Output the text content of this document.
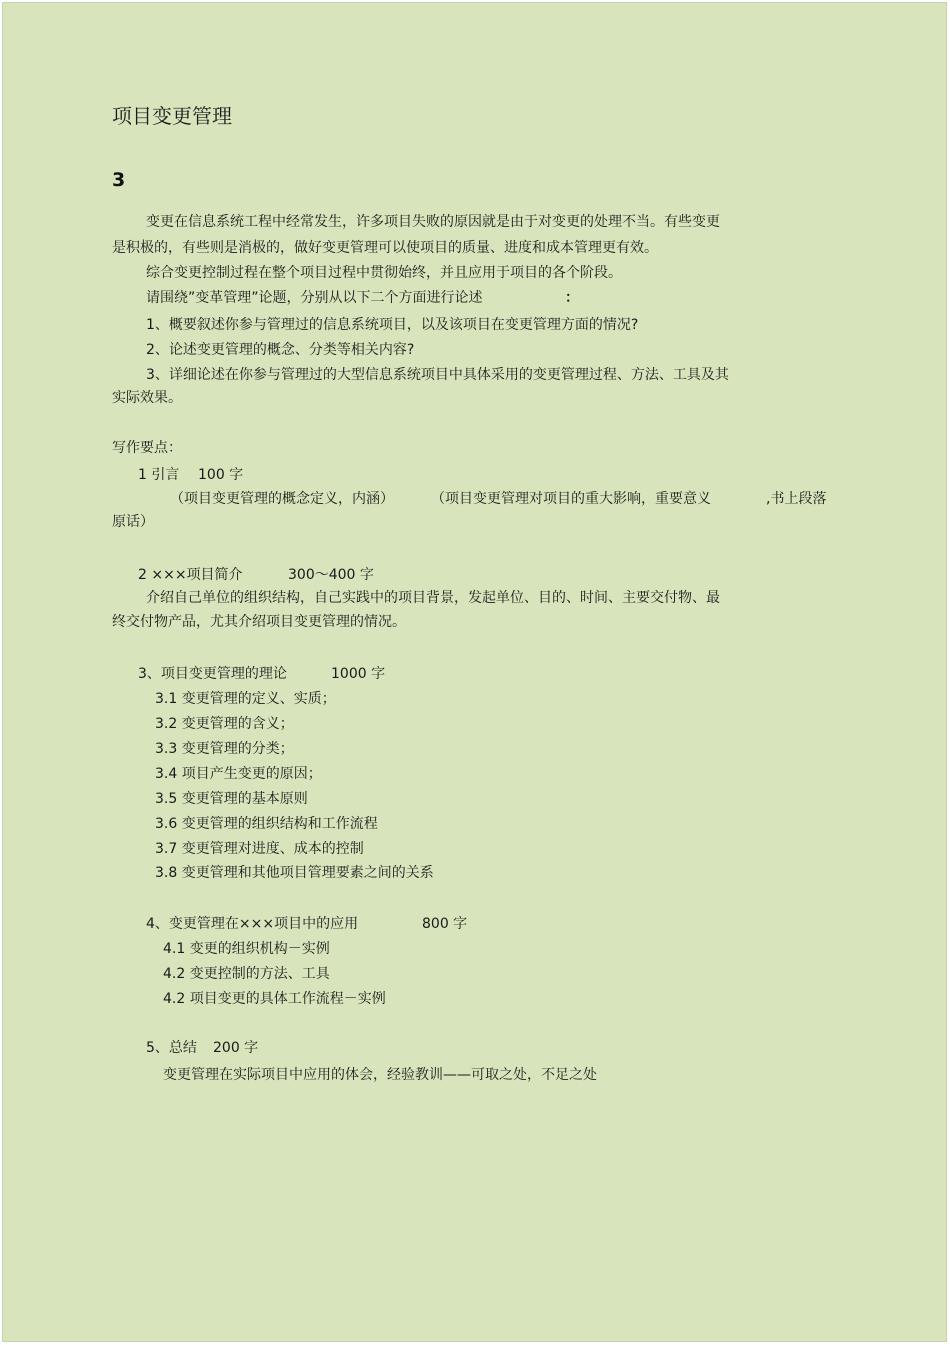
项目变更管理
3
变更在信息系统工程中经常发生，许多项目失败的原因就是由于对变更的处理不当。有些变更
是积极的，有些则是消极的，做好变更管理可以使项目的质量、进度和成本管理更有效。
综合变更控制过程在整个项目过程中贯彻始终，并且应用于项目的各个阶段。
请围绕”变革管理”论题，分别从以下二个方面进行论述	：
1、概要叙述你参与管理过的信息系统项目，以及该项目在变更管理方面的情况?
2、论述变更管理的概念、分类等相关内容?
3、详细论述在你参与管理过的大型信息系统项目中具体采用的变更管理过程、方法、工具及其
实际效果。
写作要点：
1 引言 100 字
（项目变更管理的概念定义，内涵）	（项目变更管理对项目的重大影响，重要意义	,书上段落
原话）
2 ×××项目简介	300～400 字
介绍自己单位的组织结构，自己实践中的项目背景，发起单位、目的、时间、主要交付物、最
终交付物产品，尤其介绍项目变更管理的情况。
3、项目变更管理的理论	1000 字
3.1 变更管理的定义、实质；
3.2 变更管理的含义；
3.3 变更管理的分类；
3.4 项目产生变更的原因；
3.5 变更管理的基本原则
3.6 变更管理的组织结构和工作流程
3.7 变更管理对进度、成本的控制
3.8 变更管理和其他项目管理要素之间的关系
4、变更管理在×××项目中的应用	800 字
4.1 变更的组织机构－实例
4.2 变更控制的方法、工具
4.2 项目变更的具体工作流程－实例
5、总结 200 字
变更管理在实际项目中应用的体会，经验教训——可取之处，不足之处
